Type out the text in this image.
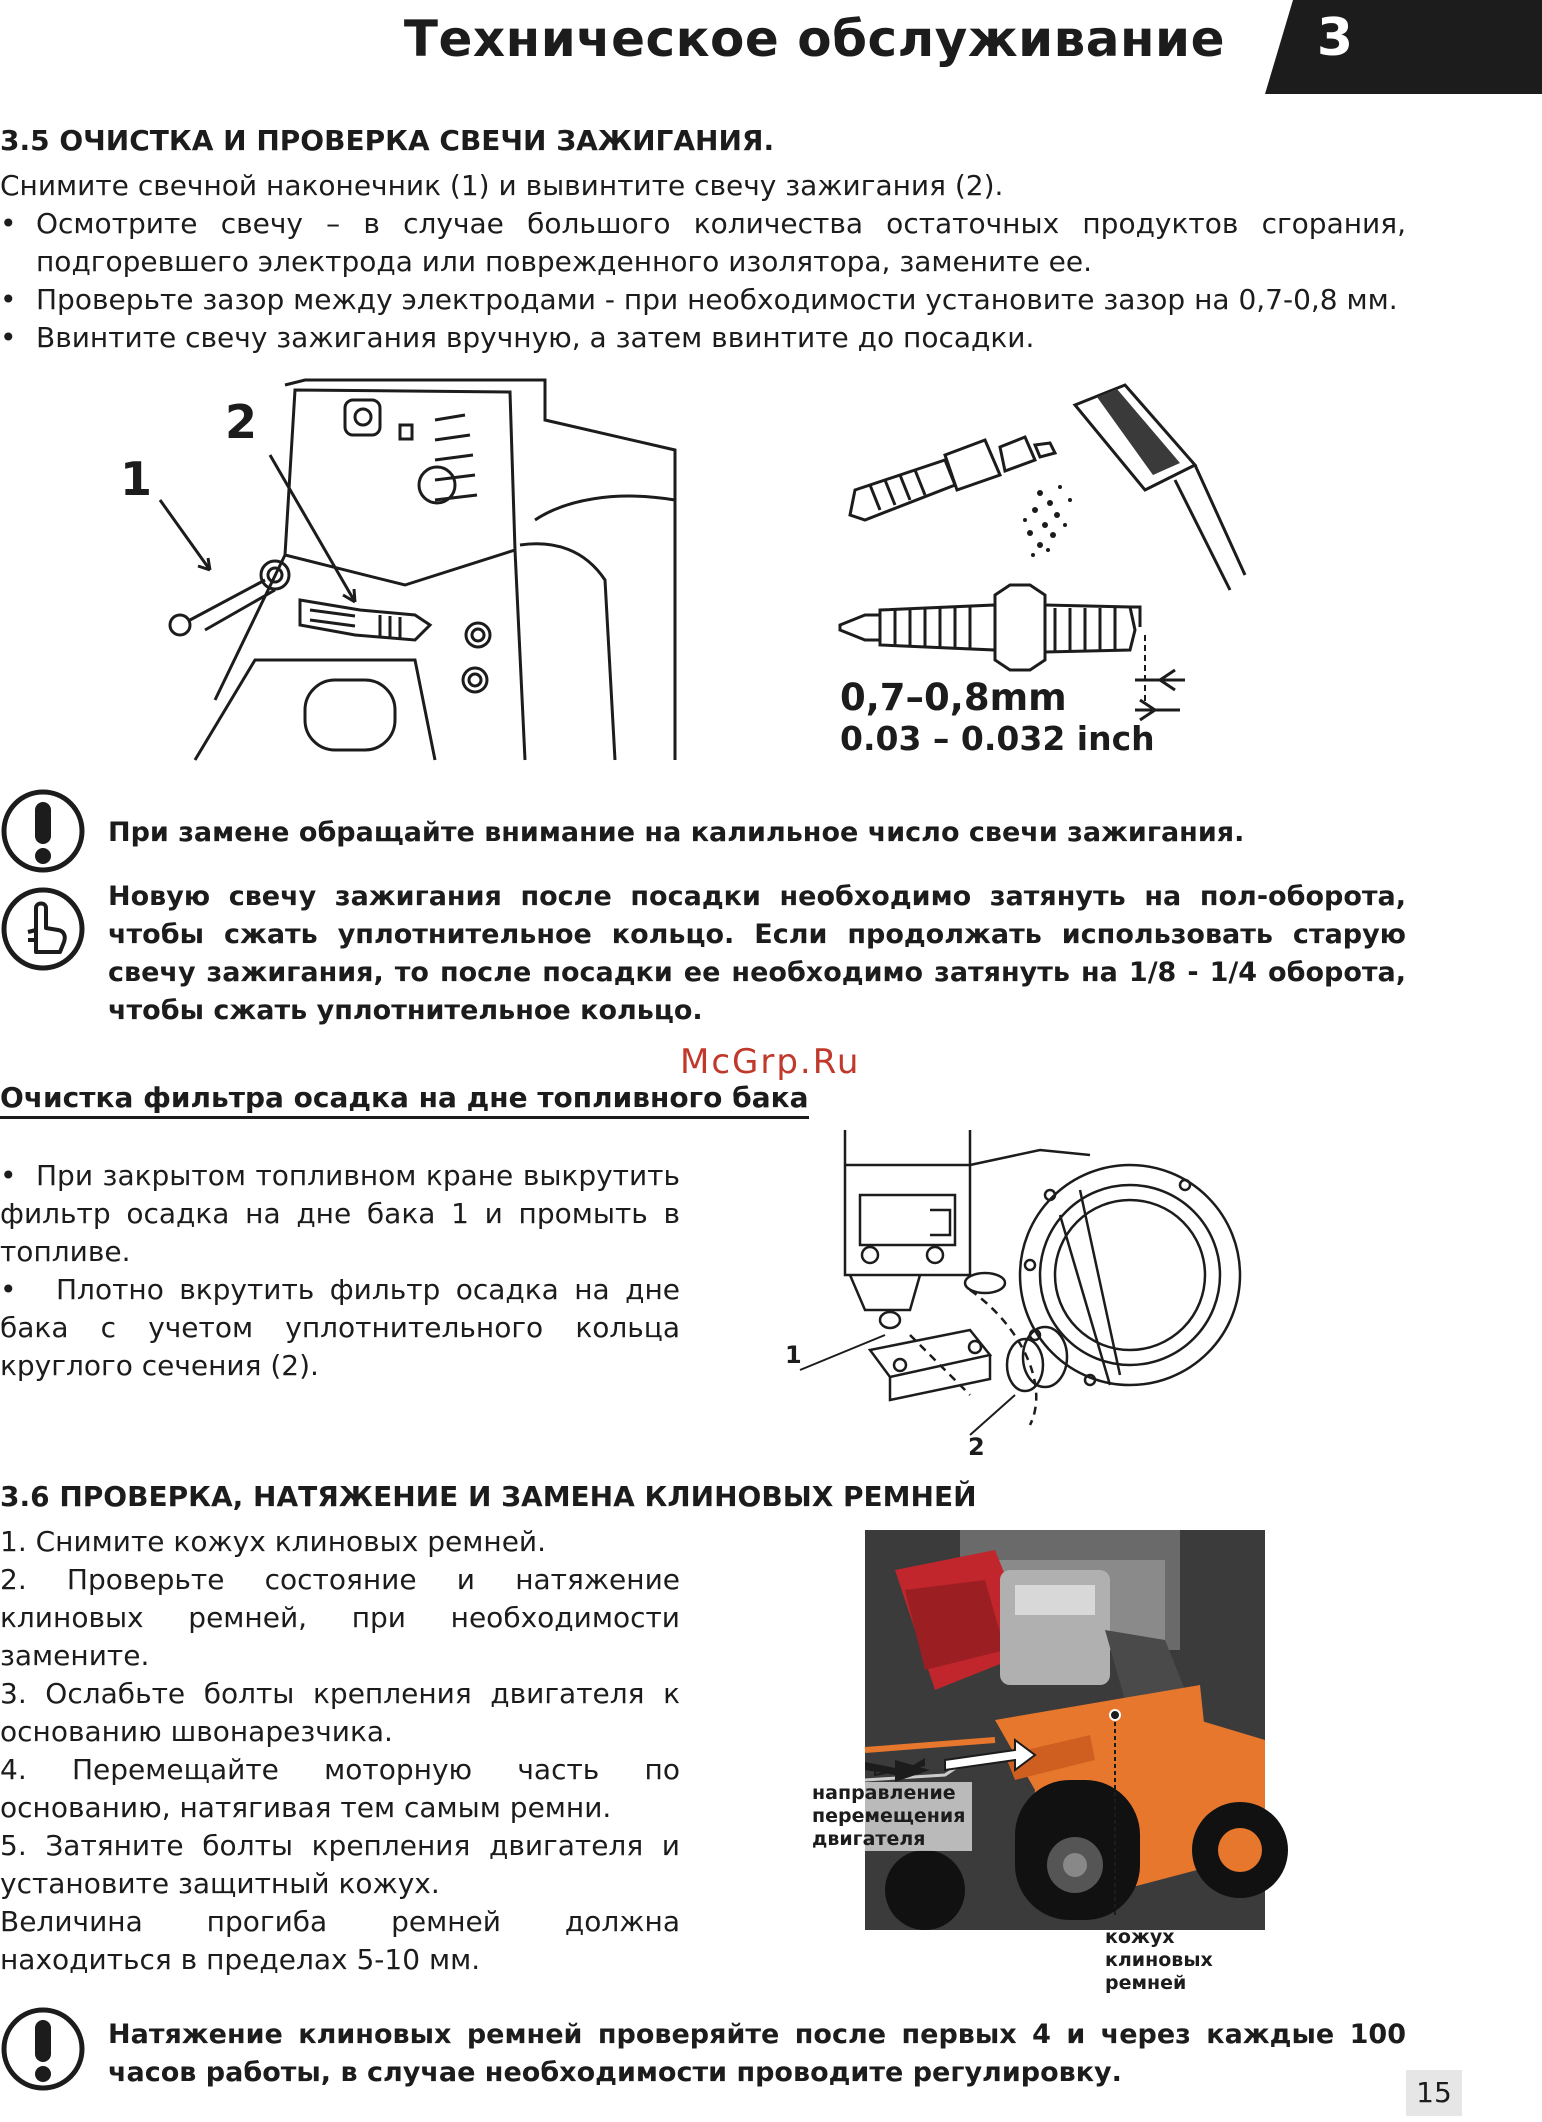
Техническое обслуживание	3
3.5 ОЧИСТКА И ПРОВЕРКА СВЕЧИ ЗАЖИГАНИЯ.
Снимите свечной наконечник (1) и вывинтите свечу зажигания (2).
• Осмотрите свечу – в случае большого количества остаточных продуктов сгорания, подгоревшего электрода или поврежденного изолятора, замените ее.
• Проверьте зазор между электродами - при необходимости установите зазор на 0,7-0,8 мм.
• Ввинтите свечу зажигания вручную, а затем ввинтите до посадки.
1
2
0,7–0,8mm
0.03 – 0.032 inch
При замене обращайте внимание на калильное число свечи зажигания.
Новую свечу зажигания после посадки необходимо затянуть на пол-оборота, чтобы сжать уплотнительное кольцо. Если продолжать использовать старую свечу зажигания, то после посадки ее необходимо затянуть на 1/8 - 1/4 оборота, чтобы сжать уплотнительное кольцо.
McGrp.Ru
Очистка фильтра осадка на дне топливного бака
• При закрытом топливном кране выкрутить фильтр осадка на дне бака 1 и промыть в топливе.
• Плотно вкрутить фильтр осадка на дне бака с учетом уплотнительного кольца круглого сечения (2).	1
2
3.6 ПРОВЕРКА, НАТЯЖЕНИЕ И ЗАМЕНА КЛИНОВЫХ РЕМНЕЙ
1. Снимите кожух клиновых ремней.
2. Проверьте состояние и натяжение клиновых ремней, при необходимости замените.
3. Ослабьте болты крепления двигателя к основанию швонарезчика.
4. Перемещайте моторную часть по основанию, натягивая тем самым ремни.
5. Затяните болты крепления двигателя и установите защитный кожух.
Величина прогиба ремней должна находиться в пределах 5-10 мм.
направление
перемещения
двигателя
кожух
клиновых
ремней
Натяжение клиновых ремней проверяйте после первых 4 и через каждые 100 часов работы, в случае необходимости проводите регулировку.
15
